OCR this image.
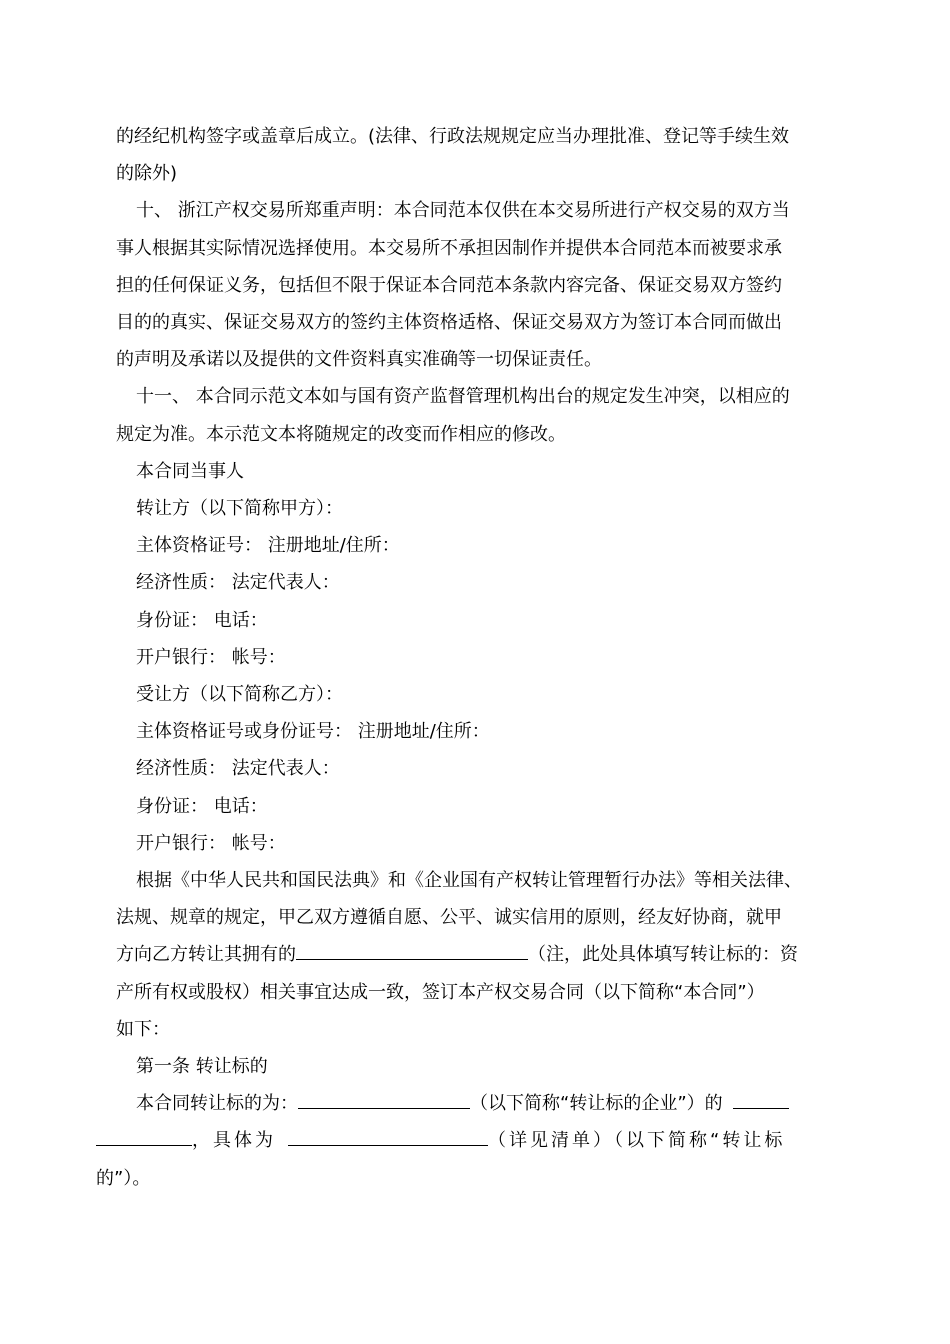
的经纪机构签字或盖章后成立。(法律、行政法规规定应当办理批准、登记等手续生效
的除外)

十、 浙江产权交易所郑重声明：本合同范本仅供在本交易所进行产权交易的双方当
事人根据其实际情况选择使用。本交易所不承担因制作并提供本合同范本而被要求承
担的任何保证义务，包括但不限于保证本合同范本条款内容完备、保证交易双方签约
目的的真实、保证交易双方的签约主体资格适格、保证交易双方为签订本合同而做出
的声明及承诺以及提供的文件资料真实准确等一切保证责任。

十一、 本合同示范文本如与国有资产监督管理机构出台的规定发生冲突，以相应的
规定为准。本示范文本将随规定的改变而作相应的修改。

本合同当事人

转让方（以下简称甲方）：

主体资格证号： 注册地址/住所：

经济性质： 法定代表人：

身份证： 电话：

开户银行： 帐号：

受让方（以下简称乙方）：

主体资格证号或身份证号： 注册地址/住所：

经济性质： 法定代表人：

身份证： 电话：

开户银行： 帐号：

根据《中华人民共和国民法典》和《企业国有产权转让管理暂行办法》等相关法律、
法规、规章的规定，甲乙双方遵循自愿、公平、诚实信用的原则，经友好协商，就甲
方向乙方转让其拥有的	（注，此处具体填写转让标的：资
产所有权或股权）相关事宜达成一致，签订本产权交易合同（以下简称“本合同”）
如下：

第一条 转让标的

本合同转让标的为：	（以下简称“转让标的企业”）的
，具体为	（详见清单）（以下简称“转让标
的”）。
